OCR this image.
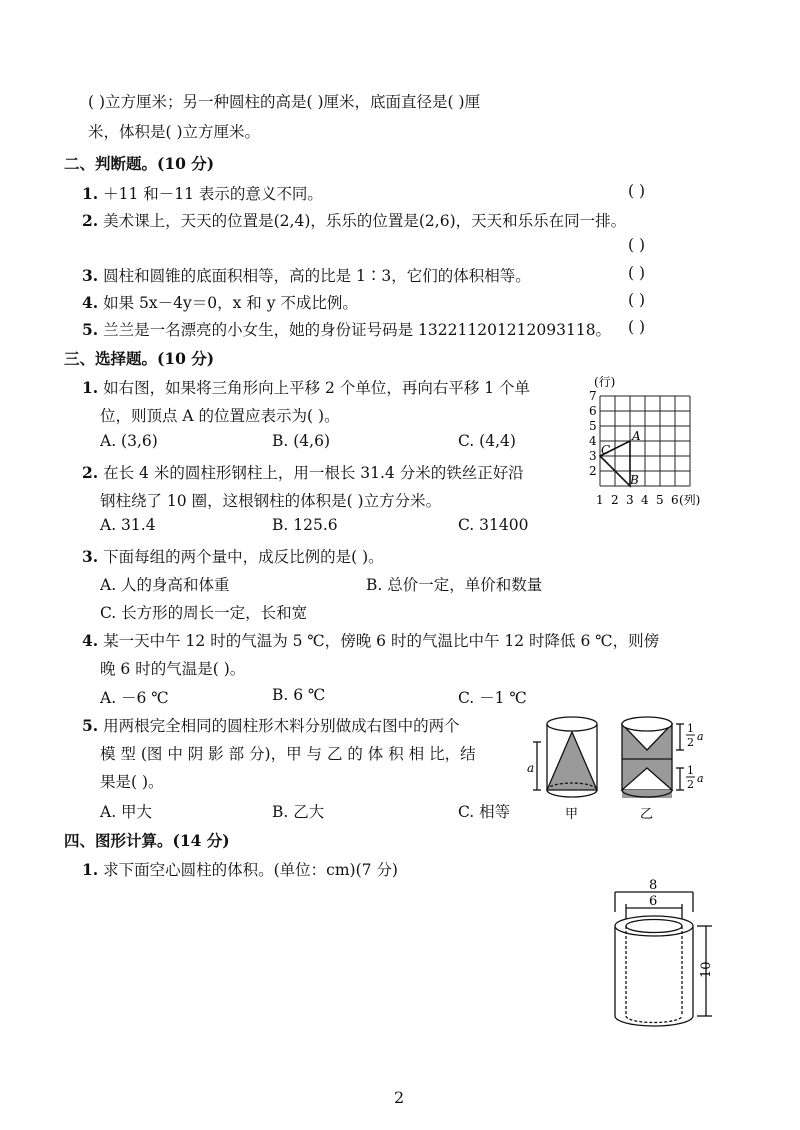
( )立方厘米；另一种圆柱的高是( )厘米，底面直径是( )厘
米，体积是( )立方厘米。
二、判断题。(10 分)
1. ＋11 和－11 表示的意义不同。	( )
2. 美术课上，天天的位置是(2,4)，乐乐的位置是(2,6)，天天和乐乐在同一排。
( )
3. 圆柱和圆锥的底面积相等，高的比是 1∶3，它们的体积相等。	( )
4. 如果 5x－4y＝0，x 和 y 不成比例。	( )
5. 兰兰是一名漂亮的小女生，她的身份证号码是 132211201212093118。 ( )
三、选择题。(10 分)
1. 如右图，如果将三角形向上平移 2 个单位，再向右平移 1 个单
位，则顶点 A 的位置应表示为( )。
A. (3,6)	B. (4,6)	C. (4,4)
2. 在长 4 米的圆柱形钢柱上，用一根长 31.4 分米的铁丝正好沿
钢柱绕了 10 圈，这根钢柱的体积是( )立方分米。
A. 31.4	B. 125.6	C. 31400
3. 下面每组的两个量中，成反比例的是( )。
A. 人的身高和体重	B. 总价一定，单价和数量
C. 长方形的周长一定，长和宽
4. 某一天中午 12 时的气温为 5 ℃，傍晚 6 时的气温比中午 12 时降低 6 ℃，则傍
晚 6 时的气温是( )。
A. －6 ℃	B. 6 ℃	C. －1 ℃
5. 用两根完全相同的圆柱形木料分别做成右图中的两个
模 型 (图 中 阴 影 部 分)，甲 与 乙 的 体 积 相 比，结
果是( )。
A. 甲大	B. 乙大	C. 相等
四、图形计算。(14 分)
1. 求下面空心圆柱的体积。(单位：cm)(7 分)
(行)
A
B
C
7
6
5
4
3
2
1 2 3 4 5 6 (列)
a
甲
1
2 a
1
2 a
乙
8
6
10
2
